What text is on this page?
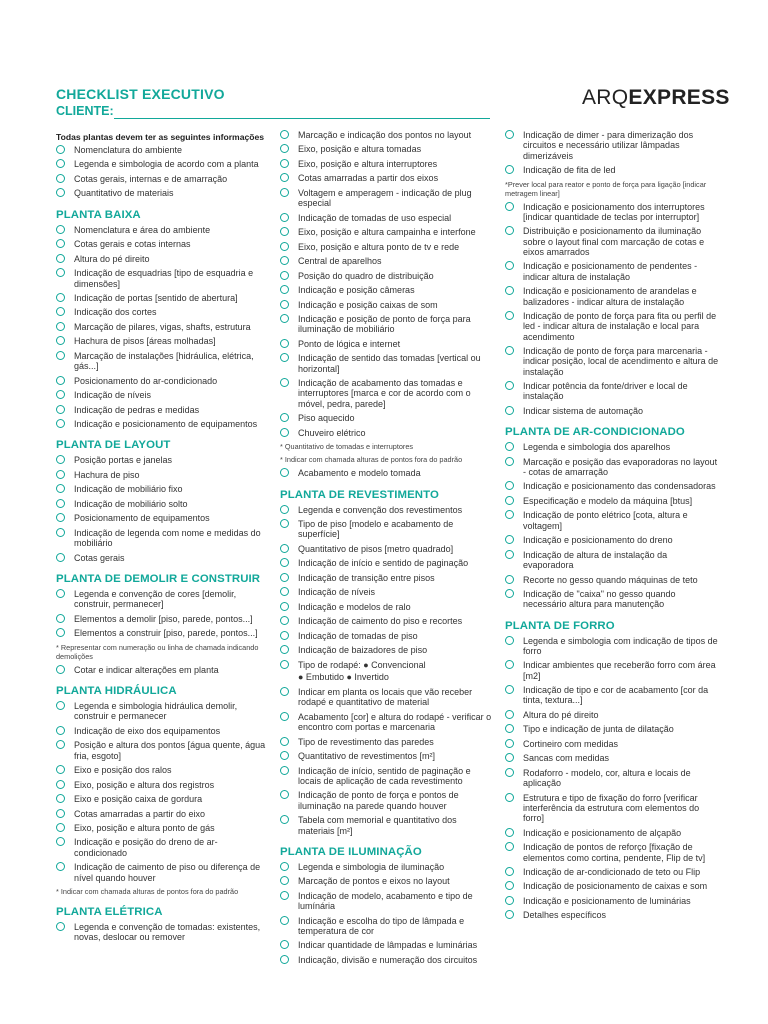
CHECKLIST EXECUTIVO
CLIENTE:
ARQEXPRESS
Todas plantas devem ter as seguintes informações
Nomenclatura do ambiente
Legenda e simbologia de acordo com a planta
Cotas gerais, internas e de amarração
Quantitativo de materiais
PLANTA BAIXA
Nomenclatura e área do ambiente
Cotas gerais e cotas internas
Altura do pé direito
Indicação de esquadrias [tipo de esquadria e dimensões]
Indicação de portas [sentido de abertura]
Indicação dos cortes
Marcação de pilares, vigas, shafts, estrutura
Hachura de pisos [áreas molhadas]
Marcação de instalações [hidráulica, elétrica, gás...]
Posicionamento do ar-condicionado
Indicação de níveis
Indicação de pedras e medidas
Indicação e posicionamento de equipamentos
PLANTA DE LAYOUT
Posição portas e janelas
Hachura de piso
Indicação de mobiliário fixo
Indicação de mobiliário solto
Posicionamento de equipamentos
Indicação de legenda com nome e medidas do mobiliário
Cotas gerais
PLANTA DE DEMOLIR E CONSTRUIR
Legenda e convenção de cores [demolir, construir, permanecer]
Elementos a demolir [piso, parede, pontos...]
Elementos a construir [piso, parede, pontos...]
* Representar com numeração ou linha de chamada indicando demolições
Cotar e indicar alterações em planta
PLANTA HIDRÁULICA
Legenda e simbologia hidráulica demolir, construir e permanecer
Indicação de eixo dos equipamentos
Posição e altura dos pontos [água quente, água fria, esgoto]
Eixo e posição dos ralos
Eixo, posição e altura dos registros
Eixo e posição caixa de gordura
Cotas amarradas a partir do eixo
Eixo, posição e altura ponto de gás
Indicação e posição do dreno de ar-condicionado
Indicação de caimento de piso ou diferença de nível quando houver
* Indicar com chamada alturas de pontos fora do padrão
PLANTA ELÉTRICA
Legenda e convenção de tomadas: existentes, novas, deslocar ou remover
Marcação e indicação dos pontos no layout
Eixo, posição e altura tomadas
Eixo, posição e altura interruptores
Cotas amarradas a partir dos eixos
Voltagem e amperagem - indicação de plug especial
Indicação de tomadas de uso especial
Eixo, posição e altura campainha e interfone
Eixo, posição e altura ponto de tv e rede
Central de aparelhos
Posição do quadro de distribuição
Indicação e posição câmeras
Indicação e posição caixas de som
Indicação e posição de ponto de força para iluminação de mobiliário
Ponto de lógica e internet
Indicação de sentido das tomadas [vertical ou horizontal]
Indicação de acabamento das tomadas e interruptores [marca e cor de acordo com o móvel, pedra, parede]
Piso aquecido
Chuveiro elétrico
* Quantitativo de tomadas e interruptores
* Indicar com chamada alturas de pontos fora do padrão
Acabamento e modelo tomada
PLANTA DE REVESTIMENTO
Legenda e convenção dos revestimentos
Tipo de piso [modelo e acabamento de superfície]
Quantitativo de pisos [metro quadrado]
Indicação de início e sentido de paginação
Indicação de transição entre pisos
Indicação de níveis
Indicação e modelos de ralo
Indicação de caimento do piso e recortes
Indicação de tomadas de piso
Indicação de baizadores de piso
Tipo de rodapé: ● Convencional
● Embutido ● Invertido
Indicar em planta os locais que vão receber rodapé e quantitativo de material
Acabamento [cor] e altura do rodapé - verificar o encontro com portas e marcenaria
Tipo de revestimento das paredes
Quantitativo de revestimentos [m²]
Indicação de início, sentido de paginação e locais de aplicação de cada revestimento
Indicação de ponto de força e pontos de iluminação na parede quando houver
Tabela com memorial e quantitativo dos materiais [m²]
PLANTA DE ILUMINAÇÃO
Legenda e simbologia de iluminação
Marcação de pontos e eixos no layout
Indicação de modelo, acabamento e tipo de lumínária
Indicação e escolha do tipo de lâmpada e temperatura de cor
Indicar quantidade de lâmpadas e luminárias
Indicação, divisão e numeração dos circuitos
Indicação de dimer - para dimerização dos circuitos e necessário utilizar lâmpadas dimerizáveis
Indicação de fita de led
*Prever local para reator e ponto de força para ligação [indicar metragem linear]
Indicação e posicionamento dos interruptores [indicar quantidade de teclas por interruptor]
Distribuição e posicionamento da iluminação sobre o layout final com marcação de cotas e eixos amarrados
Indicação e posicionamento de pendentes - indicar altura de instalação
Indicação e posicionamento de arandelas e balizadores - indicar altura de instalação
Indicação de ponto de força para fita ou perfil de led - indicar altura de instalação e local para acendimento
Indicação de ponto de força para marcenaria - indicar posição, local de acendimento e altura de instalação
Indicar potência da fonte/driver e local de instalação
Indicar sistema de automação
PLANTA DE AR-CONDICIONADO
Legenda e simbologia dos aparelhos
Marcação e posição das evaporadoras no layout - cotas de amarração
Indicação e posicionamento das condensadoras
Especificação e modelo da máquina [btus]
Indicação de ponto elétrico [cota, altura e voltagem]
Indicação e posicionamento do dreno
Indicação de altura de instalação da evaporadora
Recorte no gesso quando máquinas de teto
Indicação de "caixa" no gesso quando necessário altura para manutenção
PLANTA DE FORRO
Legenda e simbologia com indicação de tipos de forro
Indicar ambientes que receberão forro com área [m2]
Indicação de tipo e cor de acabamento [cor da tinta, textura...]
Altura do pé direito
Tipo e indicação de junta de dilatação
Cortineiro com medidas
Sancas com medidas
Rodaforro - modelo, cor, altura e locais de aplicação
Estrutura e tipo de fixação do forro [verificar interferência da estrutura com elementos do forro]
Indicação e posicionamento de alçapão
Indicação de pontos de reforço [fixação de elementos como cortina, pendente, Flip de tv]
Indicação de ar-condicionado de teto ou Flip
Indicação de posicionamento de caixas e som
Indicação e posicionamento de luminárias
Detalhes específicos
